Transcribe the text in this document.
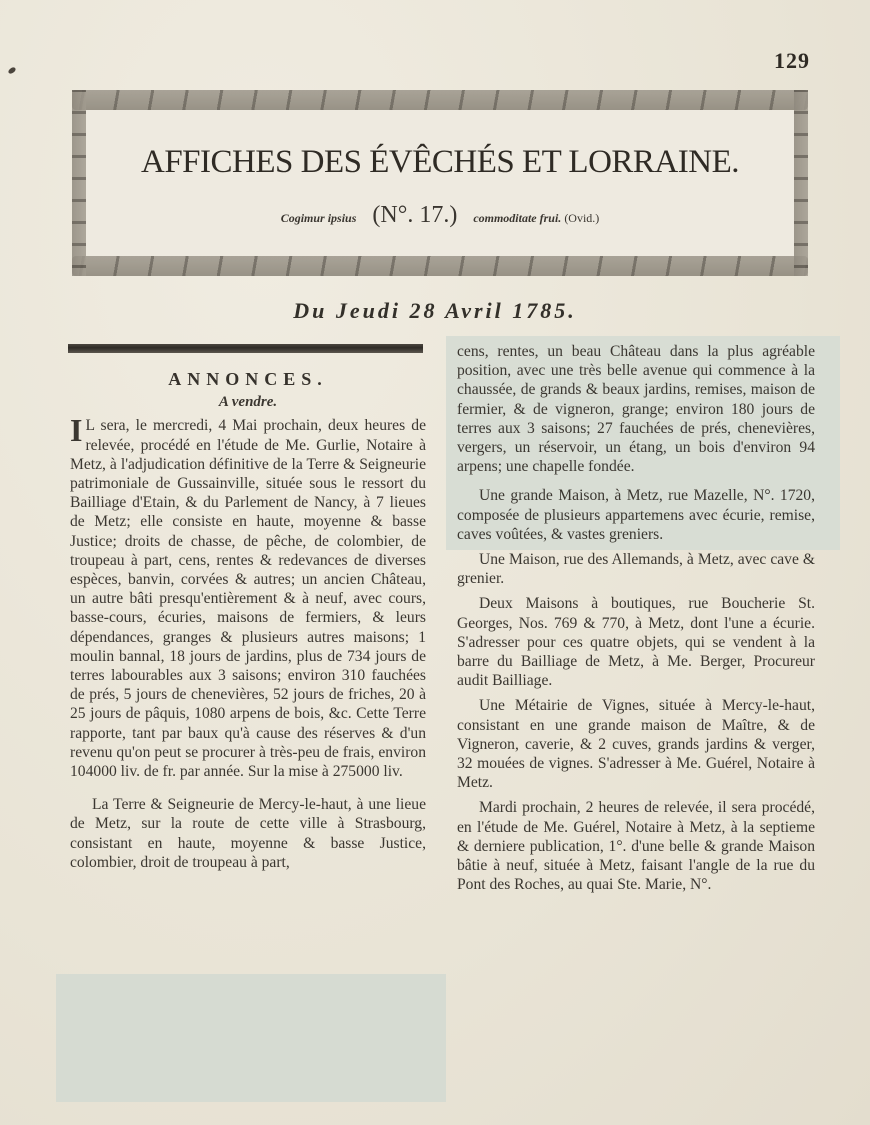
129
AFFICHES DES ÉVÊCHÉS ET LORRAINE.
Cogimur ipsius (N°. 17.) commoditate frui. (Ovid.)
Du Jeudi 28 Avril 1785.
ANNONCES.
A vendre.

I L sera, le mercredi, 4 Mai prochain, deux heures de relevée, procédé en l'étude de Me. Gurlie, Notaire à Metz, à l'adjudication définitive de la Terre & Seigneurie patrimoniale de Gussainville, située sous le ressort du Bailliage d'Etain, & du Parlement de Nancy, à 7 lieues de Metz; elle consiste en haute, moyenne & basse Justice; droits de chasse, de pêche, de colombier, de troupeau à part, cens, rentes & redevances de diverses espèces, banvin, corvées & autres; un ancien Château, un autre bâti presqu'entièrement & à neuf, avec cours, basse-cours, écuries, maisons de fermiers, & leurs dépendances, granges & plusieurs autres maisons; 1 moulin bannal, 18 jours de jardins, plus de 734 jours de terres labourables aux 3 saisons; environ 310 fauchées de prés, 5 jours de chenevières, 52 jours de friches, 20 à 25 jours de pâquis, 1080 arpens de bois, &c. Cette Terre rapporte, tant par baux qu'à cause des réserves & d'un revenu qu'on peut se procurer à très-peu de frais, environ 104000 liv. de fr. par année. Sur la mise à 275000 liv.

La Terre & Seigneurie de Mercy-le-haut, à une lieue de Metz, sur la route de cette ville à Strasbourg, consistant en haute, moyenne & basse Justice, colombier, droit de troupeau à part,

cens, rentes, un beau Château dans la plus agréable position, avec une très belle avenue qui commence à la chaussée, de grands & beaux jardins, remises, maison de fermier, & de vigneron, grange; environ 180 jours de terres aux 3 saisons; 27 fauchées de prés, chenevières, vergers, un réservoir, un étang, un bois d'environ 94 arpens; une chapelle fondée.

Une grande Maison, à Metz, rue Mazelle, N°. 1720, composée de plusieurs appartemens avec écurie, remise, caves voûtées, & vastes greniers.

Une Maison, rue des Allemands, à Metz, avec cave & grenier.

Deux Maisons à boutiques, rue Boucherie St. Georges, Nos. 769 & 770, à Metz, dont l'une a écurie. S'adresser pour ces quatre objets, qui se vendent à la barre du Bailliage de Metz, à Me. Berger, Procureur audit Bailliage.

Une Métairie de Vignes, située à Mercy-le-haut, consistant en une grande maison de Maître, & de Vigneron, caverie, & 2 cuves, grands jardins & verger, 32 mouées de vignes. S'adresser à Me. Guérel, Notaire à Metz.

Mardi prochain, 2 heures de relevée, il sera procédé, en l'étude de Me. Guérel, Notaire à Metz, à la septieme & derniere publication, 1°. d'une belle & grande Maison bâtie à neuf, située à Metz, faisant l'angle de la rue du Pont des Roches, au quai Ste. Marie, N°.
